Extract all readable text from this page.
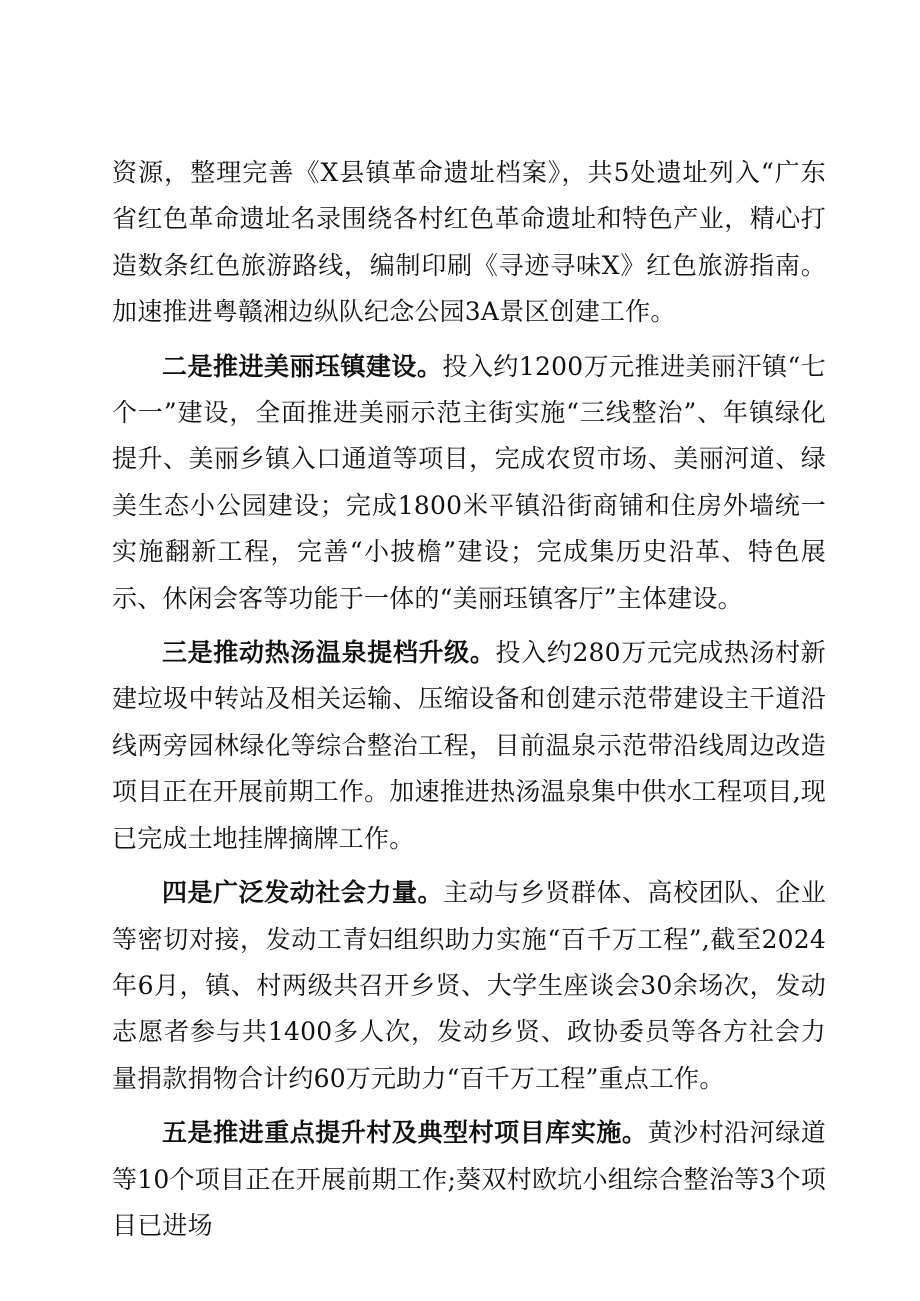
资源，整理完善《X县镇革命遗址档案》，共5处遗址列入“广东省红色革命遗址名录围绕各村红色革命遗址和特色产业，精心打造数条红色旅游路线，编制印刷《寻迹寻味X》红色旅游指南。加速推进粤赣湘边纵队纪念公园3A景区创建工作。

二是推进美丽珏镇建设。投入约1200万元推进美丽汗镇“七个一”建设，全面推进美丽示范主街实施“三线整治”、年镇绿化提升、美丽乡镇入口通道等项目，完成农贸市场、美丽河道、绿美生态小公园建设；完成1800米平镇沿街商铺和住房外墙统一实施翻新工程，完善“小披檐”建设；完成集历史沿革、特色展示、休闲会客等功能于一体的“美丽珏镇客厅”主体建设。

三是推动热汤温泉提档升级。投入约280万元完成热汤村新建垃圾中转站及相关运输、压缩设备和创建示范带建设主干道沿线两旁园林绿化等综合整治工程，目前温泉示范带沿线周边改造项目正在开展前期工作。加速推进热汤温泉集中供水工程项目,现已完成土地挂牌摘牌工作。

四是广泛发动社会力量。主动与乡贤群体、高校团队、企业等密切对接，发动工青妇组织助力实施“百千万工程”,截至2024年6月，镇、村两级共召开乡贤、大学生座谈会30余场次，发动志愿者参与共1400多人次，发动乡贤、政协委员等各方社会力量捐款捐物合计约60万元助力“百千万工程”重点工作。

五是推进重点提升村及典型村项目库实施。黄沙村沿河绿道等10个项目正在开展前期工作;葵双村欧坑小组综合整治等3个项目已进场
